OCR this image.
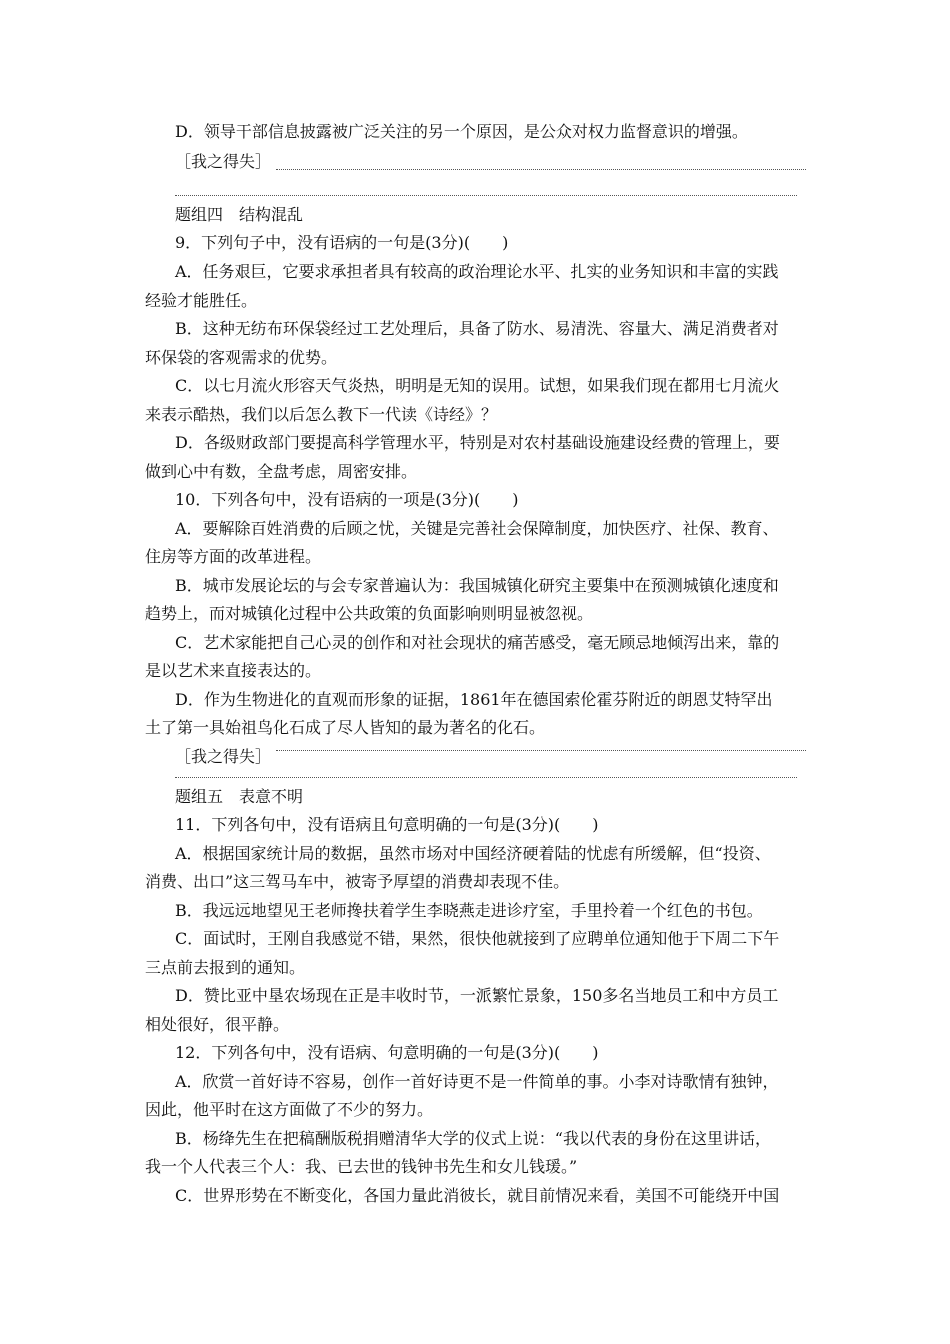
D．领导干部信息披露被广泛关注的另一个原因，是公众对权力监督意识的增强。
［我之得失］
题组四　结构混乱
9．下列句子中，没有语病的一句是(3分)(　　)
A．任务艰巨，它要求承担者具有较高的政治理论水平、扎实的业务知识和丰富的实践
经验才能胜任。
B．这种无纺布环保袋经过工艺处理后，具备了防水、易清洗、容量大、满足消费者对
环保袋的客观需求的优势。
C．以七月流火形容天气炎热，明明是无知的误用。试想，如果我们现在都用七月流火
来表示酷热，我们以后怎么教下一代读《诗经》？
D．各级财政部门要提高科学管理水平，特别是对农村基础设施建设经费的管理上，要
做到心中有数，全盘考虑，周密安排。
10．下列各句中，没有语病的一项是(3分)(　　)
A．要解除百姓消费的后顾之忧，关键是完善社会保障制度，加快医疗、社保、教育、
住房等方面的改革进程。
B．城市发展论坛的与会专家普遍认为：我国城镇化研究主要集中在预测城镇化速度和
趋势上，而对城镇化过程中公共政策的负面影响则明显被忽视。
C．艺术家能把自己心灵的创作和对社会现状的痛苦感受，毫无顾忌地倾泻出来，靠的
是以艺术来直接表达的。
D．作为生物进化的直观而形象的证据，1861年在德国索伦霍芬附近的朗恩艾特罕出
土了第一具始祖鸟化石成了尽人皆知的最为著名的化石。
［我之得失］
题组五　表意不明
11．下列各句中，没有语病且句意明确的一句是(3分)(　　)
A．根据国家统计局的数据，虽然市场对中国经济硬着陆的忧虑有所缓解，但“投资、
消费、出口”这三驾马车中，被寄予厚望的消费却表现不佳。
B．我远远地望见王老师搀扶着学生李晓燕走进诊疗室，手里拎着一个红色的书包。
C．面试时，王刚自我感觉不错，果然，很快他就接到了应聘单位通知他于下周二下午
三点前去报到的通知。
D．赞比亚中垦农场现在正是丰收时节，一派繁忙景象，150多名当地员工和中方员工
相处很好，很平静。
12．下列各句中，没有语病、句意明确的一句是(3分)(　　)
A．欣赏一首好诗不容易，创作一首好诗更不是一件简单的事。小李对诗歌情有独钟，
因此，他平时在这方面做了不少的努力。
B．杨绛先生在把稿酬版税捐赠清华大学的仪式上说：“我以代表的身份在这里讲话，
我一个人代表三个人：我、已去世的钱钟书先生和女儿钱瑗。”
C．世界形势在不断变化，各国力量此消彼长，就目前情况来看，美国不可能绕开中国
